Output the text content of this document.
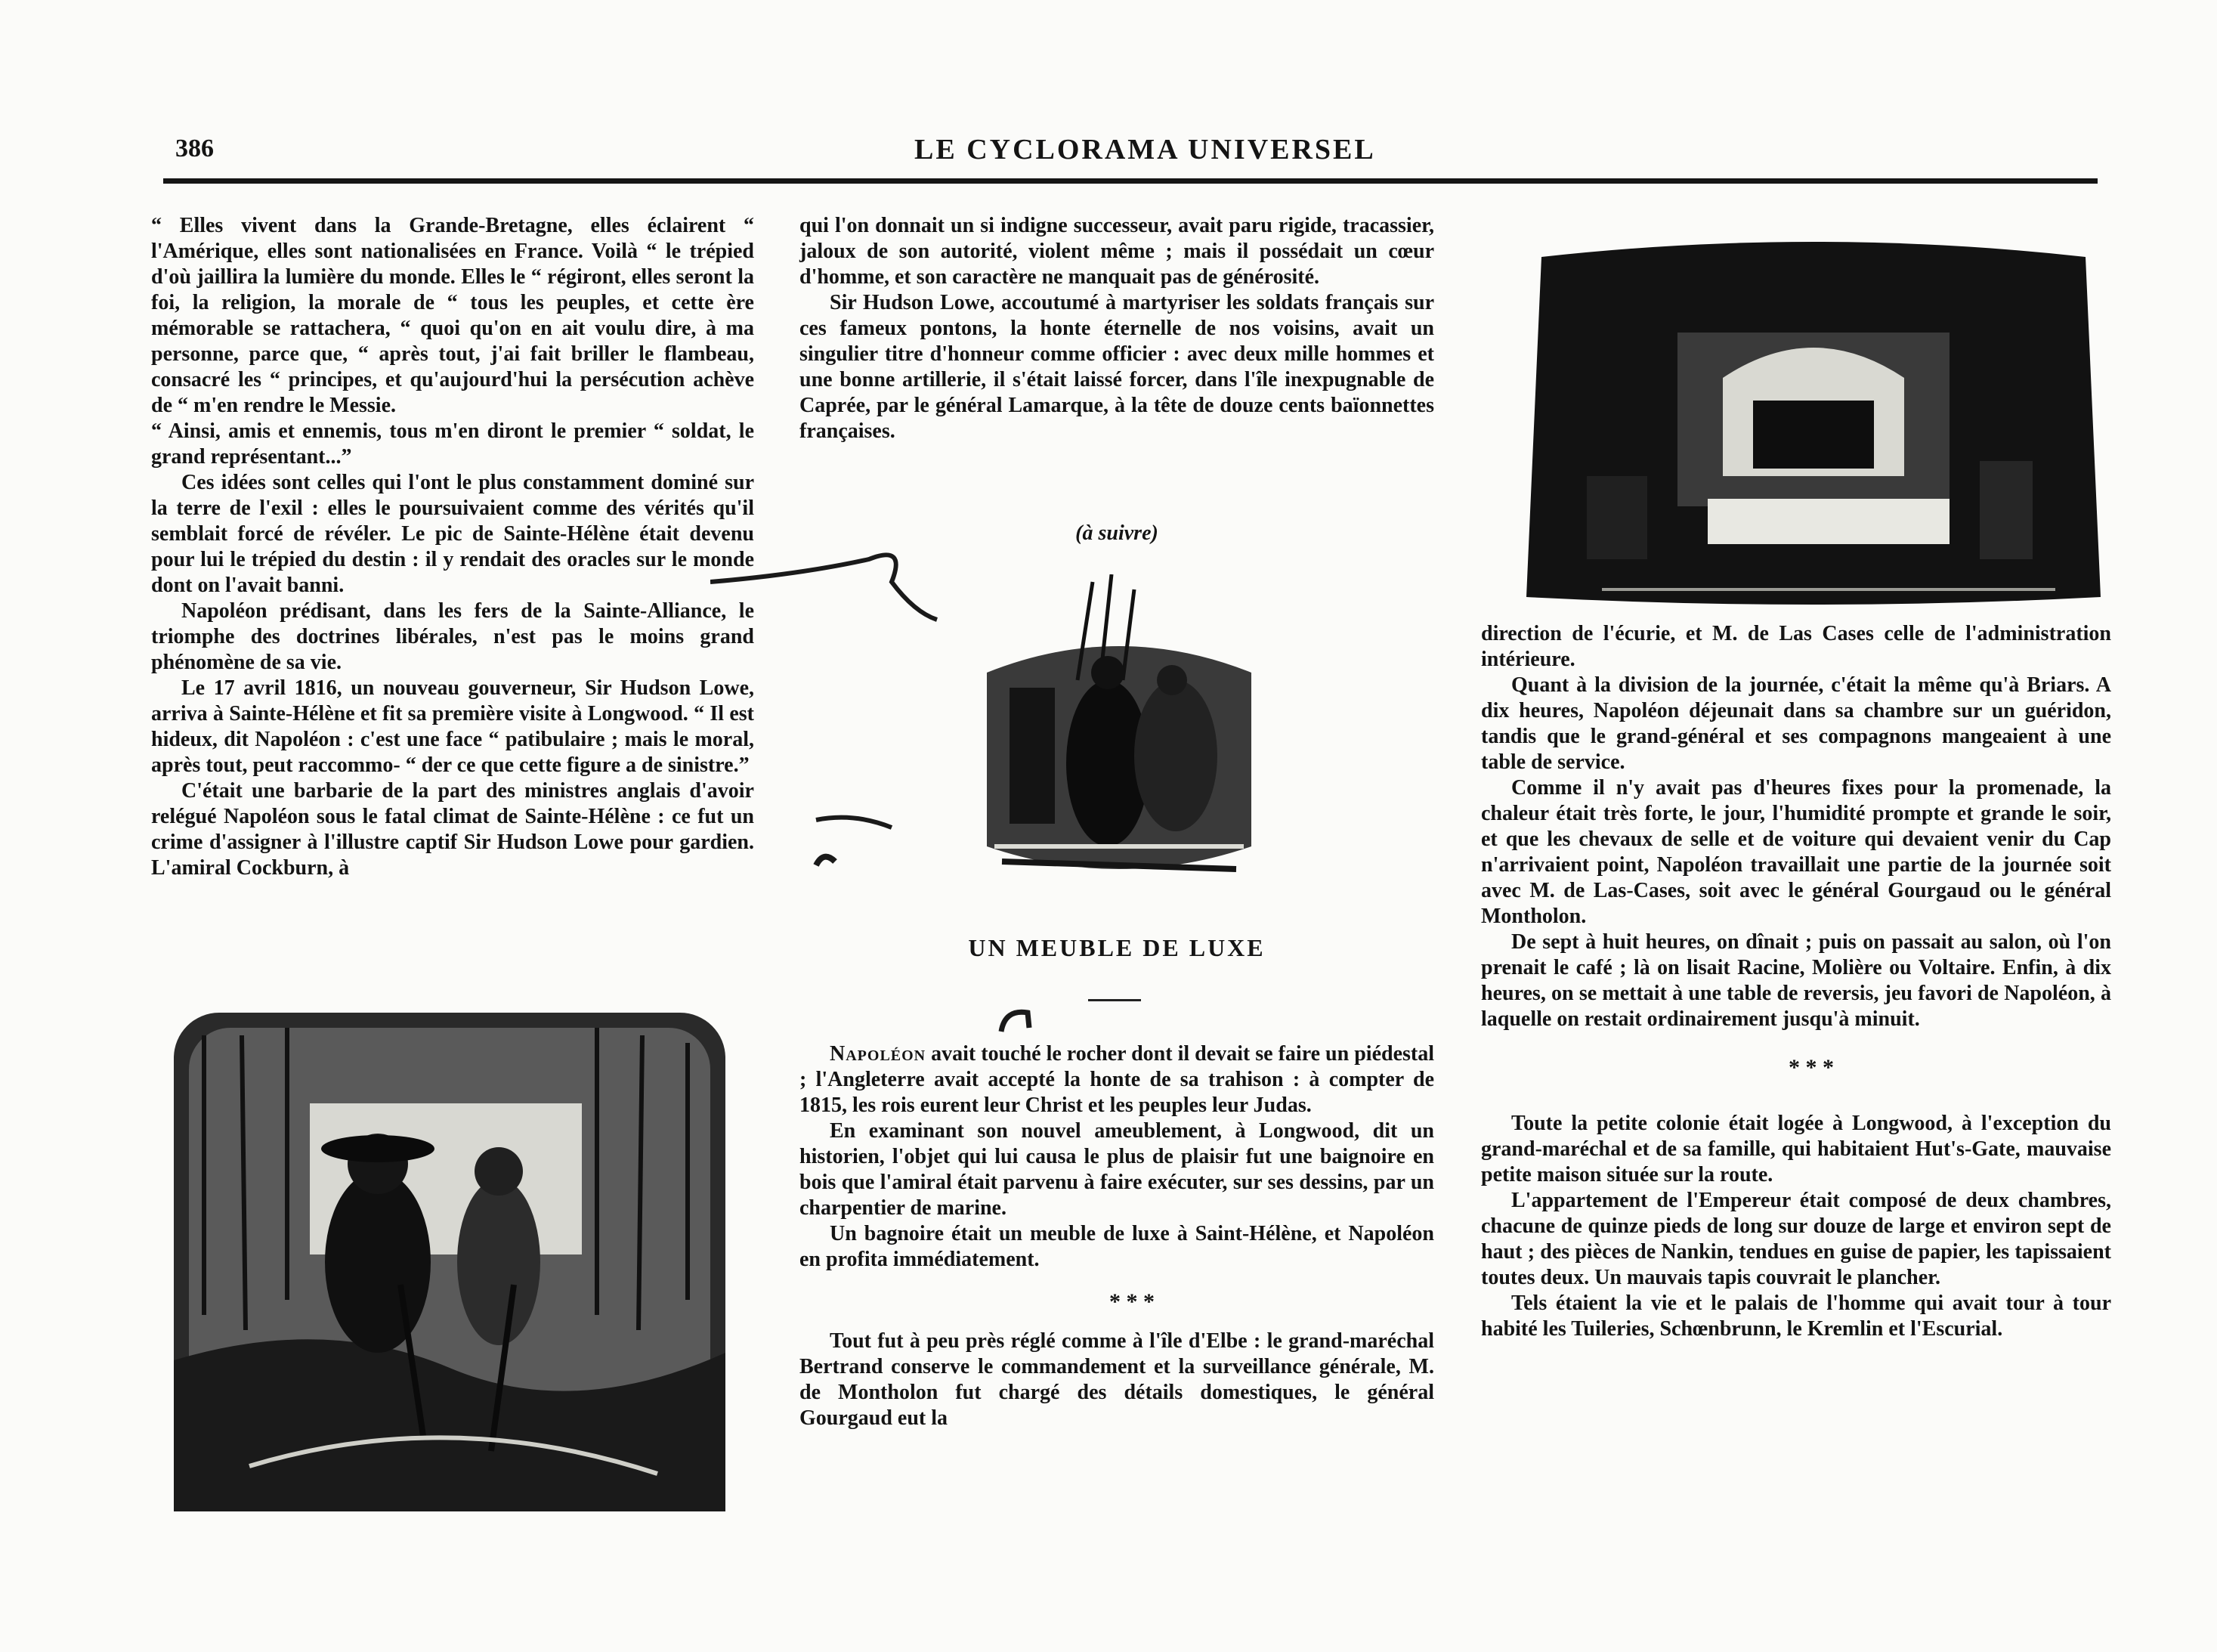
386	LE CYCLORAMA UNIVERSEL

“ Elles vivent dans la Grande-Bretagne, elles éclairent “ l'Amérique, elles sont nationalisées en France. Voilà “ le trépied d'où jaillira la lumière du monde. Elles le “ régiront, elles seront la foi, la religion, la morale de “ tous les peuples, et cette ère mémorable se rattachera, “ quoi qu'on en ait voulu dire, à ma personne, parce que, “ après tout, j'ai fait briller le flambeau, consacré les “ principes, et qu'aujourd'hui la persécution achève de “ m'en rendre le Messie.

“ Ainsi, amis et ennemis, tous m'en diront le premier “ soldat, le grand représentant...”

Ces idées sont celles qui l'ont le plus constamment dominé sur la terre de l'exil : elles le poursuivaient comme des vérités qu'il semblait forcé de révéler. Le pic de Sainte-Hélène était devenu pour lui le trépied du destin : il y rendait des oracles sur le monde dont on l'avait banni.

Napoléon prédisant, dans les fers de la Sainte-Alliance, le triomphe des doctrines libérales, n'est pas le moins grand phénomène de sa vie.

Le 17 avril 1816, un nouveau gouverneur, Sir Hudson Lowe, arriva à Sainte-Hélène et fit sa première visite à Longwood. “ Il est hideux, dit Napoléon : c'est une face “ patibulaire ; mais le moral, après tout, peut raccommo- “ der ce que cette figure a de sinistre.”

C'était une barbarie de la part des ministres anglais d'avoir relégué Napoléon sous le fatal climat de Sainte-Hélène : ce fut un crime d'assigner à l'illustre captif Sir Hudson Lowe pour gardien. L'amiral Cockburn, à

qui l'on donnait un si indigne successeur, avait paru rigide, tracassier, jaloux de son autorité, violent même ; mais il possédait un cœur d'homme, et son caractère ne manquait pas de générosité.

Sir Hudson Lowe, accoutumé à martyriser les soldats français sur ces fameux pontons, la honte éternelle de nos voisins, avait un singulier titre d'honneur comme officier : avec deux mille hommes et une bonne artillerie, il s'était laissé forcer, dans l'île inexpugnable de Caprée, par le général Lamarque, à la tête de douze cents baïonnettes françaises.

(à suivre)
UN MEUBLE DE LUXE

Napoléon avait touché le rocher dont il devait se faire un piédestal ; l'Angleterre avait accepté la honte de sa trahison : à compter de 1815, les rois eurent leur Christ et les peuples leur Judas.

En examinant son nouvel ameublement, à Longwood, dit un historien, l'objet qui lui causa le plus de plaisir fut une baignoire en bois que l'amiral était parvenu à faire exécuter, sur ses dessins, par un charpentier de marine.

Un bagnoire était un meuble de luxe à Saint-Hélène, et Napoléon en profita immédiatement.

* * *

Tout fut à peu près réglé comme à l'île d'Elbe : le grand-maréchal Bertrand conserve le commandement et la surveillance générale, M. de Montholon fut chargé des détails domestiques, le général Gourgaud eut la

direction de l'écurie, et M. de Las Cases celle de l'administration intérieure.

Quant à la division de la journée, c'était la même qu'à Briars. A dix heures, Napoléon déjeunait dans sa chambre sur un guéridon, tandis que le grand-général et ses compagnons mangeaient à une table de service.

Comme il n'y avait pas d'heures fixes pour la promenade, la chaleur était très forte, le jour, l'humidité prompte et grande le soir, et que les chevaux de selle et de voiture qui devaient venir du Cap n'arrivaient point, Napoléon travaillait une partie de la journée soit avec M. de Las-Cases, soit avec le général Gourgaud ou le général Montholon.

De sept à huit heures, on dînait ; puis on passait au salon, où l'on prenait le café ; là on lisait Racine, Molière ou Voltaire. Enfin, à dix heures, on se mettait à une table de reversis, jeu favori de Napoléon, à laquelle on restait ordinairement jusqu'à minuit.

* * *

Toute la petite colonie était logée à Longwood, à l'exception du grand-maréchal et de sa famille, qui habitaient Hut's-Gate, mauvaise petite maison située sur la route.

L'appartement de l'Empereur était composé de deux chambres, chacune de quinze pieds de long sur douze de large et environ sept de haut ; des pièces de Nankin, tendues en guise de papier, les tapissaient toutes deux. Un mauvais tapis couvrait le plancher.

Tels étaient la vie et le palais de l'homme qui avait tour à tour habité les Tuileries, Schœnbrunn, le Kremlin et l'Escurial.
